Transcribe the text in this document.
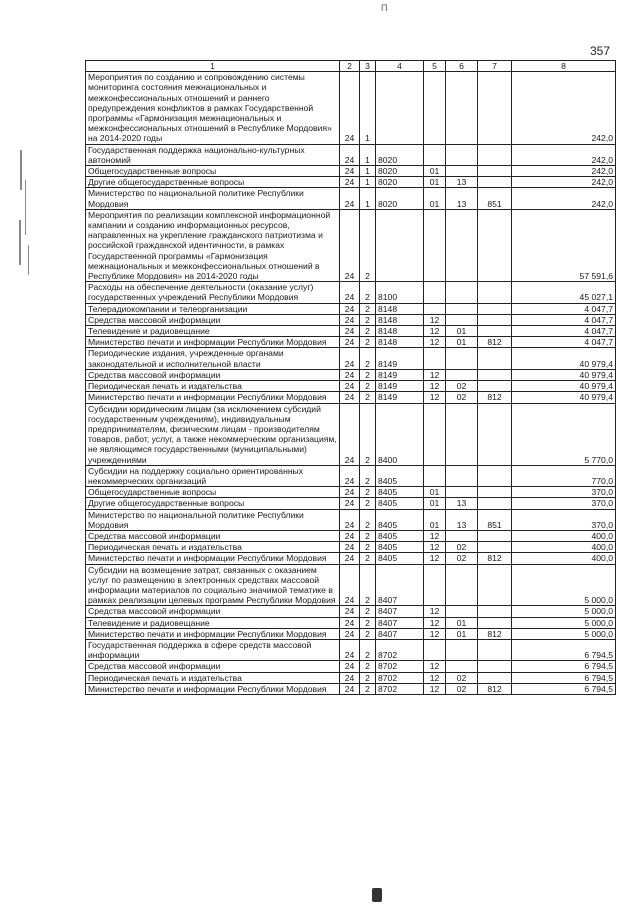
Π
357
1	2	3	4	5	6	7	8
Мероприятия по созданию и сопровождению системы мониторинга состояния межнациональных и межконфессиональных отношений и раннего предупреждения конфликтов в рамках Государственной программы «Гармонизация межнациональных и межконфессиональных отношений в Республике Мордовия» на 2014-2020 годы	24	1					242,0
Государственная поддержка национально-культурных автономий	24	1	8020				242,0
Общегосударственные вопросы	24	1	8020	01			242,0
Другие общегосударственные вопросы	24	1	8020	01	13		242,0
Министерство по национальной политике Республики Мордовия	24	1	8020	01	13	851	242,0
Мероприятия по реализации комплексной информационной кампании и созданию информационных ресурсов, направленных на укрепление гражданского патриотизма и российской гражданской идентичности, в рамках Государственной программы «Гармонизация межнациональных и межконфессиональных отношений в Республике Мордовия» на 2014-2020 годы	24	2					57 591,6
Расходы на обеспечение деятельности (оказание услуг) государственных учреждений Республики Мордовия	24	2	8100				45 027,1
Телерадиокомпании и телеорганизации	24	2	8148				4 047,7
Средства массовой информации	24	2	8148	12			4 047,7
Телевидение и радиовещание	24	2	8148	12	01		4 047,7
Министерство печати и информации Республики Мордовия	24	2	8148	12	01	812	4 047,7
Периодические издания, учрежденные органами законодательной и исполнительной власти	24	2	8149				40 979,4
Средства массовой информации	24	2	8149	12			40 979,4
Периодическая печать и издательства	24	2	8149	12	02		40 979,4
Министерство печати и информации Республики Мордовия	24	2	8149	12	02	812	40 979,4
Субсидии юридическим лицам (за исключением субсидий государственным учреждениям), индивидуальным предпринимателям, физическим лицам - производителям товаров, работ, услуг, а также некоммерческим организациям, не являющимся государственными (муниципальными) учреждениями	24	2	8400				5 770,0
Субсидии на поддержку социально ориентированных некоммерческих организаций	24	2	8405				770,0
Общегосударственные вопросы	24	2	8405	01			370,0
Другие общегосударственные вопросы	24	2	8405	01	13		370,0
Министерство по национальной политике Республики Мордовия	24	2	8405	01	13	851	370,0
Средства массовой информации	24	2	8405	12			400,0
Периодическая печать и издательства	24	2	8405	12	02		400,0
Министерство печати и информации Республики Мордовия	24	2	8405	12	02	812	400,0
Субсидии на возмещение затрат, связанных с оказанием услуг по размещению в электронных средствах массовой информации материалов по социально значимой тематике в рамках реализации целевых программ Республики Мордовия	24	2	8407				5 000,0
Средства массовой информации	24	2	8407	12			5 000,0
Телевидение и радиовещание	24	2	8407	12	01		5 000,0
Министерство печати и информации Республики Мордовия	24	2	8407	12	01	812	5 000,0
Государственная поддержка в сфере средств массовой информации	24	2	8702				6 794,5
Средства массовой информации	24	2	8702	12			6 794,5
Периодическая печать и издательства	24	2	8702	12	02		6 794,5
Министерство печати и информации Республики Мордовия	24	2	8702	12	02	812	6 794,5
